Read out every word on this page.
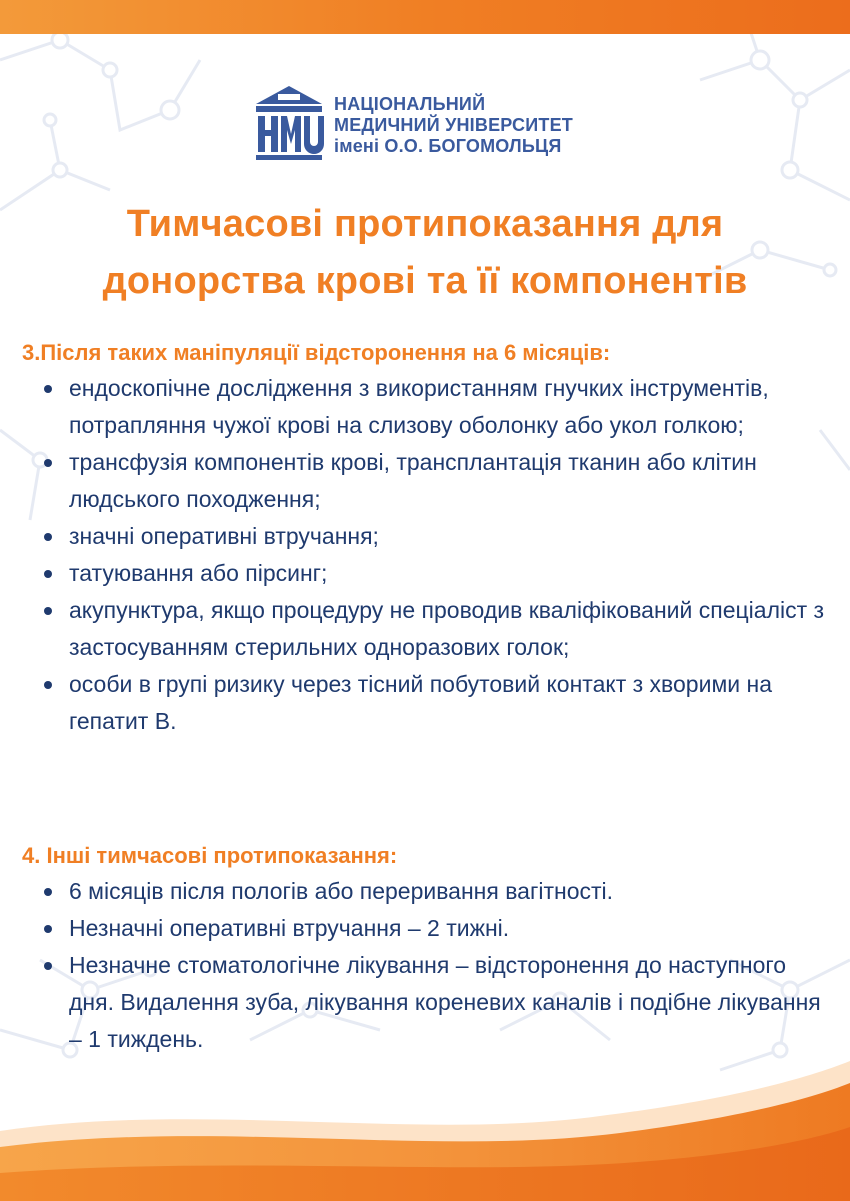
НАЦІОНАЛЬНИЙ
МЕДИЧНИЙ УНІВЕРСИТЕТ
імені О.О. БОГОМОЛЬЦЯ
Тимчасові протипоказання для
донорства крові та її компонентів
3.Після таких маніпуляції відсторонення на 6 місяців:
ендоскопічне дослідження з використанням гнучких інструментів, потрапляння чужої крові на слизову оболонку або укол голкою;
трансфузія компонентів крові, трансплантація тканин або клітин людського походження;
значні оперативні втручання;
татуювання або пірсинг;
акупунктура, якщо процедуру не проводив кваліфікований спеціаліст з застосуванням стерильних одноразових голок;
особи в групі ризику через тісний побутовий контакт з хворими на гепатит В.
4. Інші тимчасові протипоказання:
6 місяців після пологів або переривання вагітності.
Незначні оперативні втручання – 2 тижні.
Незначне стоматологічне лікування – відсторонення до наступного дня. Видалення зуба, лікування кореневих каналів і подібне лікування – 1 тиждень.
